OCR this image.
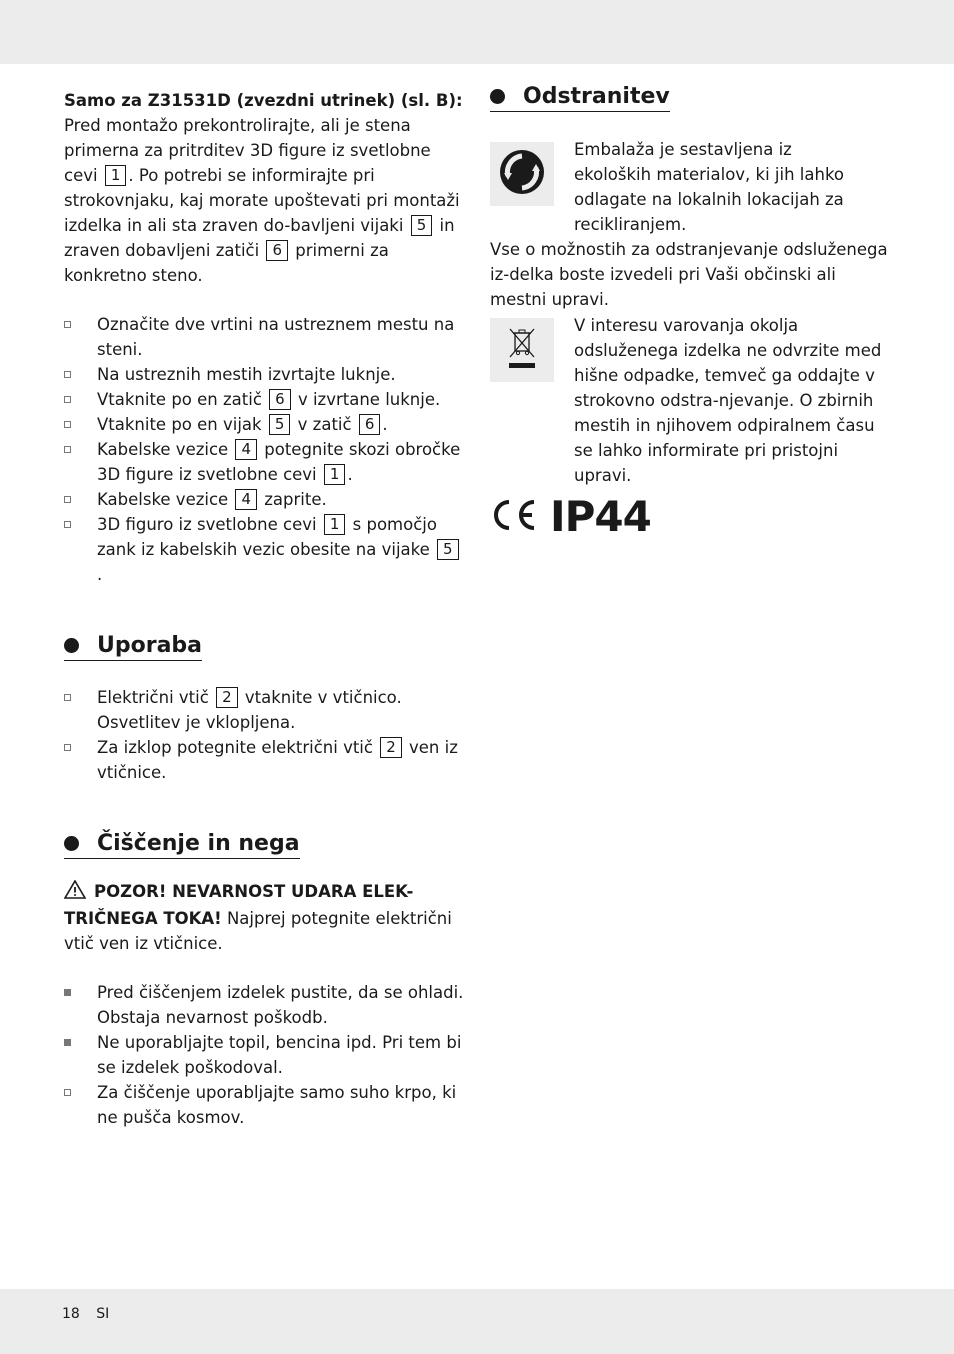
Samo za Z31531D (zvezdni utrinek) (sl. B):

Pred montažo prekontrolirajte, ali je stena primerna za pritrditev 3D figure iz svetlobne cevi 1 . Po potrebi se informirajte pri strokovnjaku, kaj morate upoštevati pri montaži izdelka in ali sta zraven do-bavljeni vijaki 5 in zraven dobavljeni zatiči 6 primerni za konkretno steno.

Označite dve vrtini na ustreznem mestu na steni.
Na ustreznih mestih izvrtajte luknje.
Vtaknite po en zatič 6 v izvrtane luknje.
Vtaknite po en vijak 5 v zatič 6 .
Kabelske vezice 4 potegnite skozi obročke 3D figure iz svetlobne cevi 1 .
Kabelske vezice 4 zaprite.
3D figuro iz svetlobne cevi 1 s pomočjo zank iz kabelskih vezic obesite na vijake 5.
Uporaba
Električni vtič 2 vtaknite v vtičnico. Osvetlitev je vklopljena.
Za izklop potegnite električni vtič 2 ven iz vtičnice.
Čiščenje in nega

POZOR! NEVARNOST UDARA ELEK-TRIČNEGA TOKA! Najprej potegnite električni vtič ven iz vtičnice.

Pred čiščenjem izdelek pustite, da se ohladi. Obstaja nevarnost poškodb.
Ne uporabljajte topil, bencina ipd. Pri tem bi se izdelek poškodoval.
Za čiščenje uporabljajte samo suho krpo, ki ne pušča kosmov.
Odstranitev

Embalaža je sestavljena iz ekoloških materialov, ki jih lahko odlagate na lokalnih lokacijah za recikliranjem.

Vse o možnostih za odstranjevanje odsluženega iz-delka boste izvedeli pri Vaši občinski ali mestni upravi.

V interesu varovanja okolja odsluženega izdelka ne odvrzite med hišne odpadke, temveč ga oddajte v strokovno odstra-njevanje. O zbirnih mestih in njihovem odpiralnem času se lahko informirate pri pristojni upravi.

IP44
18 SI
